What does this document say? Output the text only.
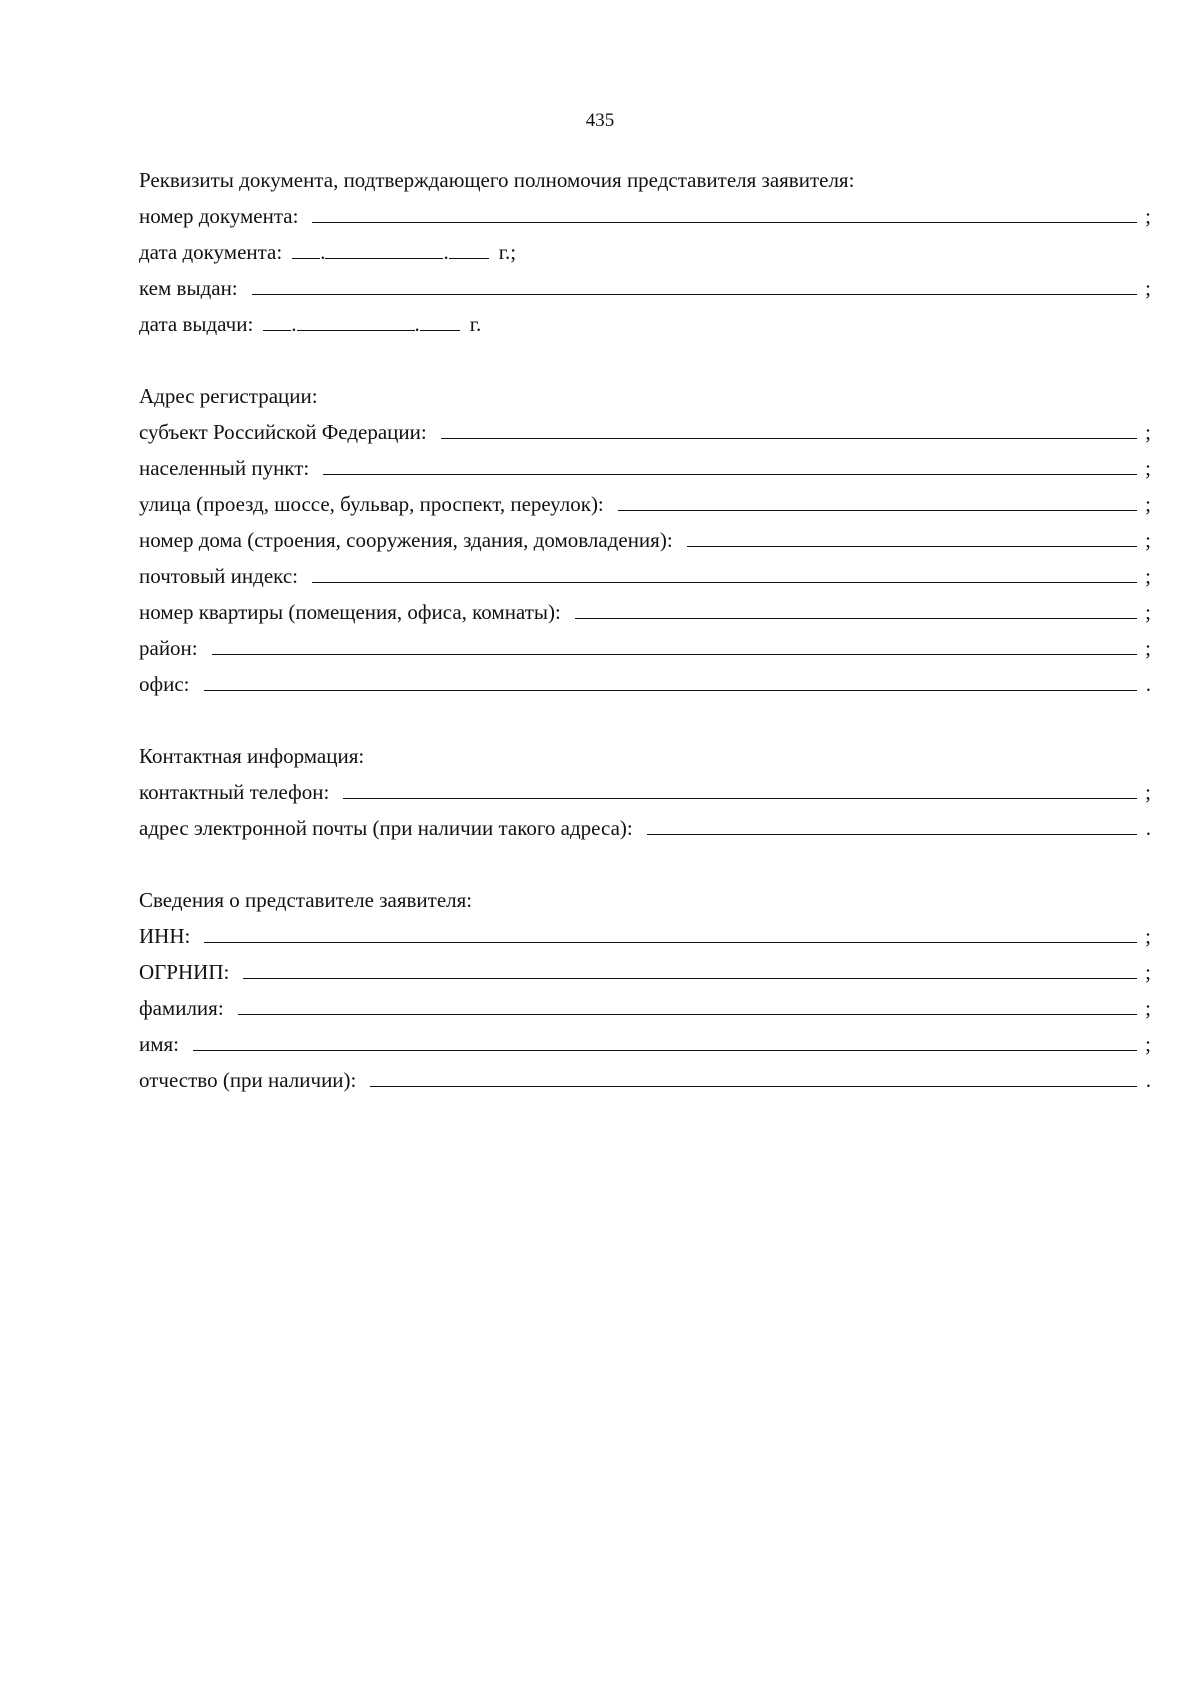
435
Реквизиты документа, подтверждающего полномочия представителя заявителя:
номер документа:	;
дата документа: .	. г.;
кем выдан:	;
дата выдачи: .	. г.
Адрес регистрации:
субъект Российской Федерации:	;
населенный пункт:	;
улица (проезд, шоссе, бульвар, проспект, переулок):	;
номер дома (строения, сооружения, здания, домовладения):	;
почтовый индекс:	;
номер квартиры (помещения, офиса, комнаты):	;
район:	;
офис:	.
Контактная информация:
контактный телефон:	;
адрес электронной почты (при наличии такого адреса):	.
Сведения о представителе заявителя:
ИНН:	;
ОГРНИП:	;
фамилия:	;
имя:	;
отчество (при наличии):	.
